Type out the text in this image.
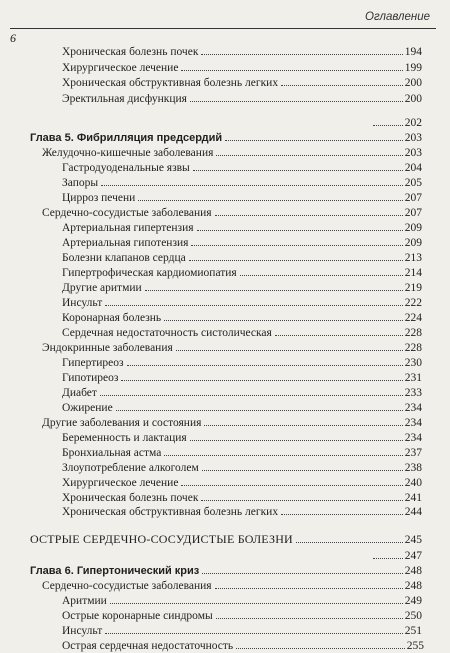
Оглавление
6
Хроническая болезнь почек	194
Хирургическое лечение	199
Хроническая обструктивная болезнь легких	200
Эректильная дисфункция	200
202
Глава 5. Фибрилляция предсердий	203
Желудочно-кишечные заболевания	203
Гастродуоденальные язвы	204
Запоры	205
Цирроз печени	207
Сердечно-сосудистые заболевания	207
Артериальная гипертензия	209
Артериальная гипотензия	209
Болезни клапанов сердца	213
Гипертрофическая кардиомиопатия	214
Другие аритмии	219
Инсульт	222
Коронарная болезнь	224
Сердечная недостаточность систолическая	228
Эндокринные заболевания	228
Гипертиреоз	230
Гипотиреоз	231
Диабет	233
Ожирение	234
Другие заболевания и состояния	234
Беременность и лактация	234
Бронхиальная астма	237
Злоупотребление алкоголем	238
Хирургическое лечение	240
Хроническая болезнь почек	241
Хроническая обструктивная болезнь легких	244
ОСТРЫЕ СЕРДЕЧНО-СОСУДИСТЫЕ БОЛЕЗНИ	245
247
Глава 6. Гипертонический криз	248
Сердечно-сосудистые заболевания	248
Аритмии	249
Острые коронарные синдромы	250
Инсульт	251
Острая сердечная недостаточность	255
